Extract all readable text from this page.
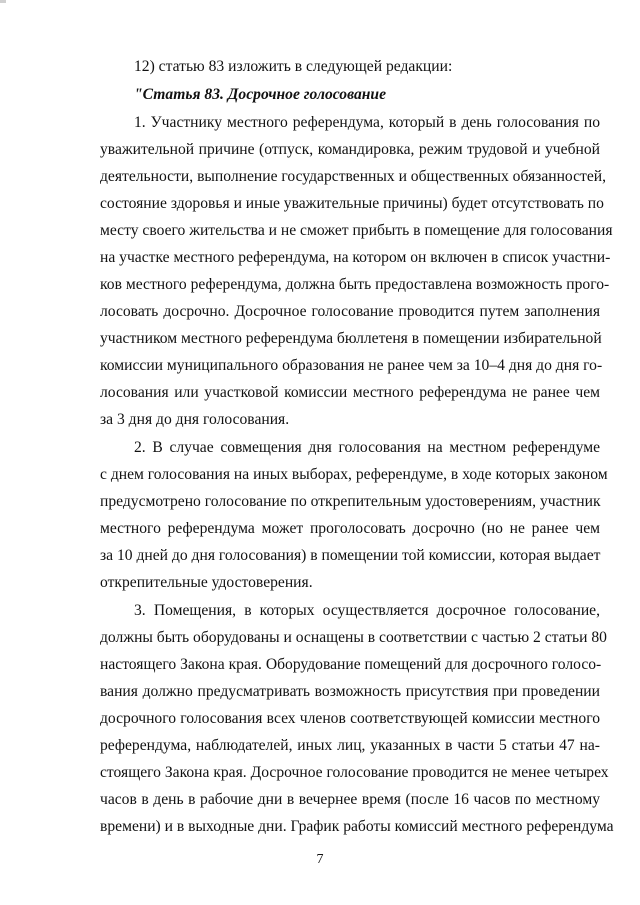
12) статью 83 изложить в следующей редакции:
"Статья 83. Досрочное голосование
1. Участнику местного референдума, который в день голосования по
уважительной причине (отпуск, командировка, режим трудовой и учебной
деятельности, выполнение государственных и общественных обязанностей,
состояние здоровья и иные уважительные причины) будет отсутствовать по
месту своего жительства и не сможет прибыть в помещение для голосования
на участке местного референдума, на котором он включен в список участни-
ков местного референдума, должна быть предоставлена возможность прого-
лосовать досрочно. Досрочное голосование проводится путем заполнения
участником местного референдума бюллетеня в помещении избирательной
комиссии муниципального образования не ранее чем за 10–4 дня до дня го-
лосования или участковой комиссии местного референдума не ранее чем
за 3 дня до дня голосования.
2. В случае совмещения дня голосования на местном референдуме
с днем голосования на иных выборах, референдуме, в ходе которых законом
предусмотрено голосование по открепительным удостоверениям, участник
местного референдума может проголосовать досрочно (но не ранее чем
за 10 дней до дня голосования) в помещении той комиссии, которая выдает
открепительные удостоверения.
3. Помещения, в которых осуществляется досрочное голосование,
должны быть оборудованы и оснащены в соответствии с частью 2 статьи 80
настоящего Закона края. Оборудование помещений для досрочного голосо-
вания должно предусматривать возможность присутствия при проведении
досрочного голосования всех членов соответствующей комиссии местного
референдума, наблюдателей, иных лиц, указанных в части 5 статьи 47 на-
стоящего Закона края. Досрочное голосование проводится не менее четырех
часов в день в рабочие дни в вечернее время (после 16 часов по местному
времени) и в выходные дни. График работы комиссий местного референдума
7
